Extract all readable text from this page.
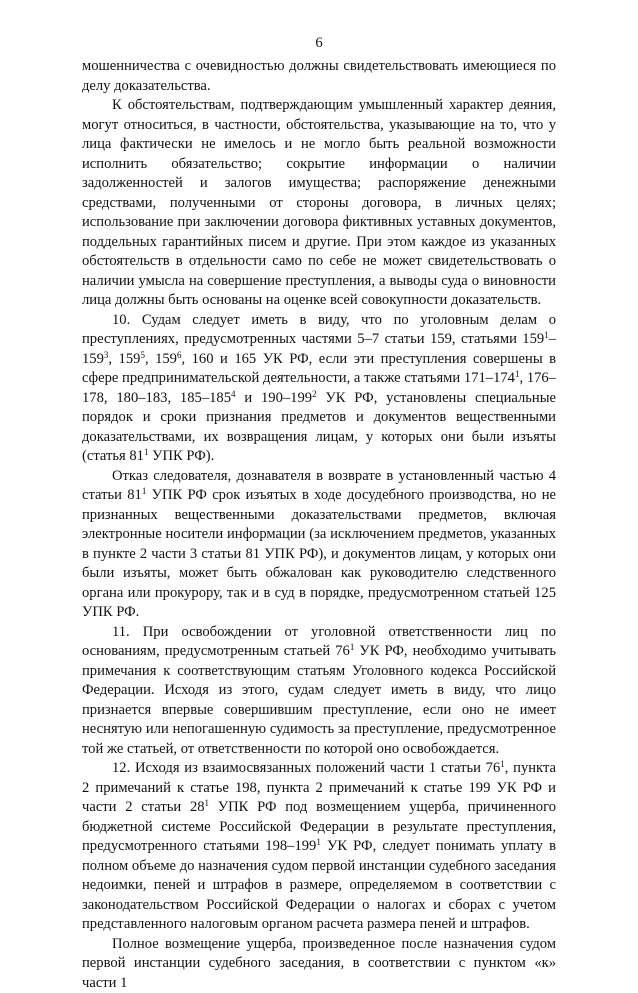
6

мошенничества с очевидностью должны свидетельствовать имеющиеся по делу доказательства.

К обстоятельствам, подтверждающим умышленный характер деяния, могут относиться, в частности, обстоятельства, указывающие на то, что у лица фактически не имелось и не могло быть реальной возможности исполнить обязательство; сокрытие информации о наличии задолженностей и залогов имущества; распоряжение денежными средствами, полученными от стороны договора, в личных целях; использование при заключении договора фиктивных уставных документов, поддельных гарантийных писем и другие. При этом каждое из указанных обстоятельств в отдельности само по себе не может свидетельствовать о наличии умысла на совершение преступления, а выводы суда о виновности лица должны быть основаны на оценке всей совокупности доказательств.

10. Судам следует иметь в виду, что по уголовным делам о преступлениях, предусмотренных частями 5–7 статьи 159, статьями $159^1-159^3$, $159^5$, $159^6$, 160 и 165 УК РФ, если эти преступления совершены в сфере предпринимательской деятельности, а также статьями $171-174^1$, 176–178, 180–183, $185-185^4$ и $190-199^2$ УК РФ, установлены специальные порядок и сроки признания предметов и документов вещественными доказательствами, их возвращения лицам, у которых они были изъяты (статья $81^1$ УПК РФ).

Отказ следователя, дознавателя в возврате в установленный частью 4 статьи $81^1$ УПК РФ срок изъятых в ходе досудебного производства, но не признанных вещественными доказательствами предметов, включая электронные носители информации (за исключением предметов, указанных в пункте 2 части 3 статьи 81 УПК РФ), и документов лицам, у которых они были изъяты, может быть обжалован как руководителю следственного органа или прокурору, так и в суд в порядке, предусмотренном статьей 125 УПК РФ.

11. При освобождении от уголовной ответственности лиц по основаниям, предусмотренным статьей $76^1$ УК РФ, необходимо учитывать примечания к соответствующим статьям Уголовного кодекса Российской Федерации. Исходя из этого, судам следует иметь в виду, что лицо признается впервые совершившим преступление, если оно не имеет неснятую или непогашенную судимость за преступление, предусмотренное той же статьей, от ответственности по которой оно освобождается.

12. Исходя из взаимосвязанных положений части 1 статьи $76^1$, пункта 2 примечаний к статье 198, пункта 2 примечаний к статье 199 УК РФ и части 2 статьи $28^1$ УПК РФ под возмещением ущерба, причиненного бюджетной системе Российской Федерации в результате преступления, предусмотренного статьями $198-199^1$ УК РФ, следует понимать уплату в полном объеме до назначения судом первой инстанции судебного заседания недоимки, пеней и штрафов в размере, определяемом в соответствии с законодательством Российской Федерации о налогах и сборах с учетом представленного налоговым органом расчета размера пеней и штрафов.

Полное возмещение ущерба, произведенное после назначения судом первой инстанции судебного заседания, в соответствии с пунктом «к» части 1
